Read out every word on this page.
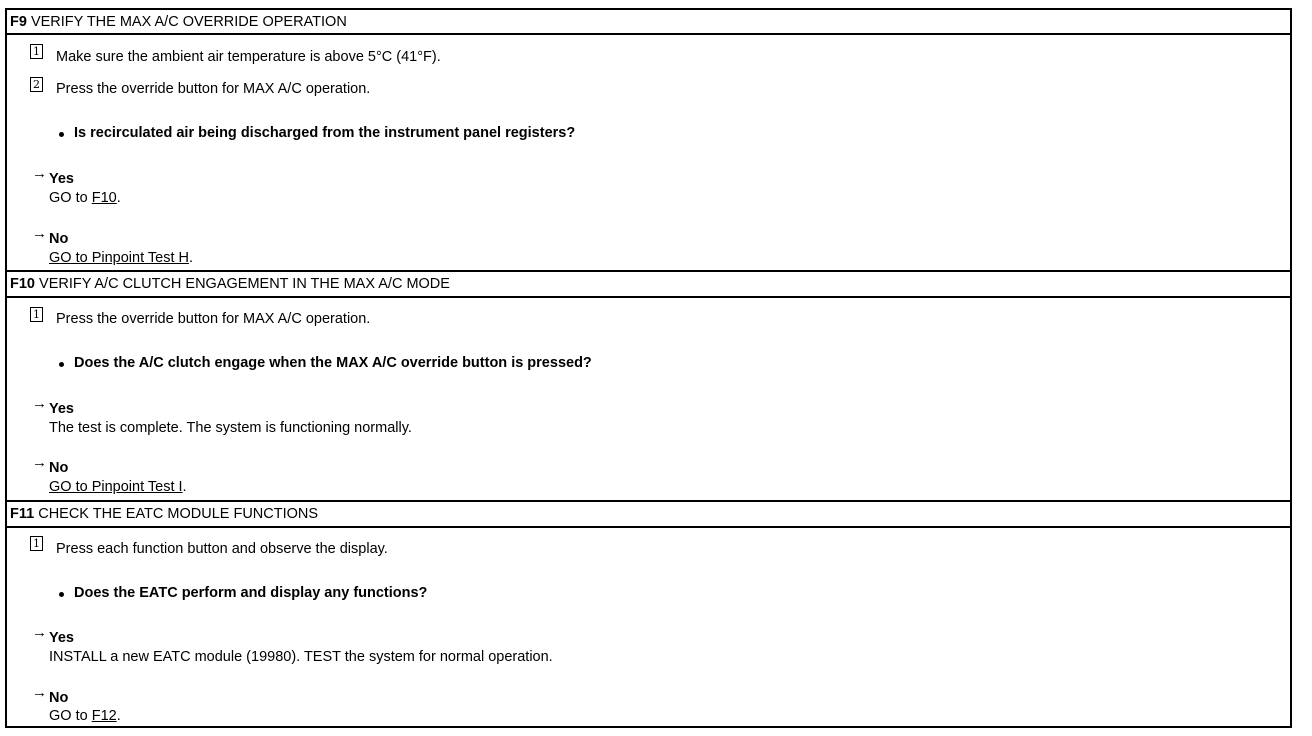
F9 VERIFY THE MAX A/C OVERRIDE OPERATION
1 Make sure the ambient air temperature is above 5°C (41°F).
2 Press the override button for MAX A/C operation.
Is recirculated air being discharged from the instrument panel registers?
→ Yes
GO to F10.
→ No
GO to Pinpoint Test H.
F10 VERIFY A/C CLUTCH ENGAGEMENT IN THE MAX A/C MODE
1 Press the override button for MAX A/C operation.
Does the A/C clutch engage when the MAX A/C override button is pressed?
→ Yes
The test is complete. The system is functioning normally.
→ No
GO to Pinpoint Test I.
F11 CHECK THE EATC MODULE FUNCTIONS
1 Press each function button and observe the display.
Does the EATC perform and display any functions?
→ Yes
INSTALL a new EATC module (19980). TEST the system for normal operation.
→ No
GO to F12.
